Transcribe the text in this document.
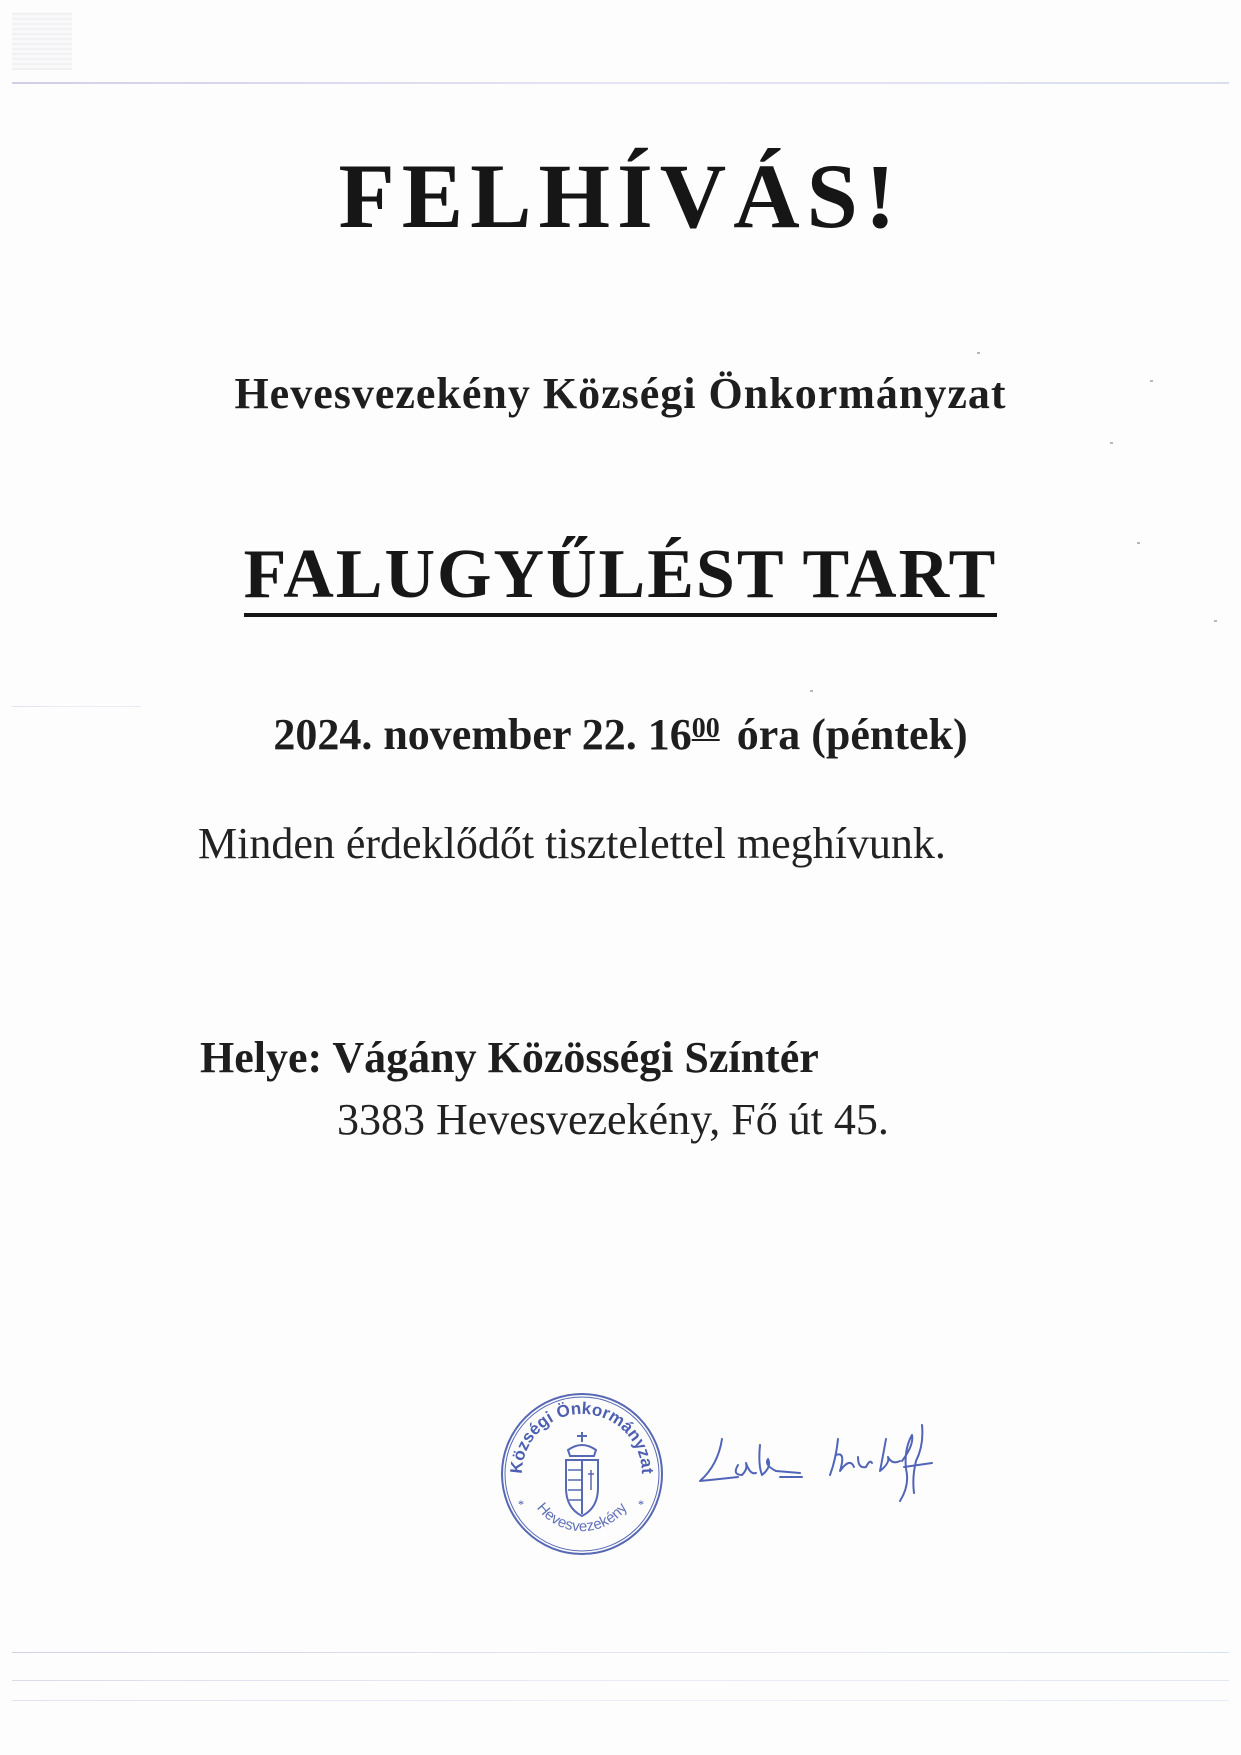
FELHÍVÁS!
Hevesvezekény Községi Önkormányzat
FALUGYŰLÉST TART

2024. november 22. $16^{00}$ óra (péntek)

Minden érdeklődőt tisztelettel meghívunk.

Helye: Vágány Közösségi Színtér

3383 Hevesvezekény, Fő út 45.

Községi Önkormányzat
Hevesvezekény
*	*
